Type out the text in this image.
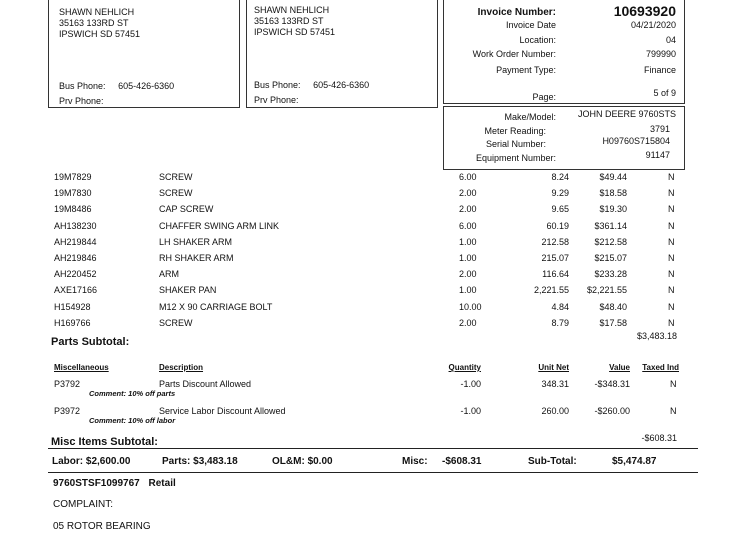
SHAWN NEHLICH
35163 133RD ST
IPSWICH SD 57451
Bus Phone: 605-426-6360
Prv Phone:
SHAWN NEHLICH
35163 133RD ST
IPSWICH SD 57451
Bus Phone: 605-426-6360
Prv Phone:
Invoice Number:	10693920
Invoice Date	04/21/2020
Location:	04
Work Order Number:	799990
Payment Type:	Finance
Page:	5 of 9
Make/Model: JOHN DEERE 9760STS
Meter Reading:	3791
Serial Number:	H09760S715804
Equipment Number:	91147
19M7829	SCREW	6.00	8.24	$49.44	N
19M7830	SCREW	2.00	9.29	$18.58	N
19M8486	CAP SCREW	2.00	9.65	$19.30	N
AH138230	CHAFFER SWING ARM LINK	6.00	60.19	$361.14	N
AH219844	LH SHAKER ARM	1.00	212.58	$212.58	N
AH219846	RH SHAKER ARM	1.00	215.07	$215.07	N
AH220452	ARM	2.00	116.64	$233.28	N
AXE17166	SHAKER PAN	1.00	2,221.55 $2,221.55	N
H154928	M12 X 90 CARRIAGE BOLT	10.00	4.84	$48.40	N
H169766	SCREW	2.00	8.79	$17.58	N
$3,483.18
Parts Subtotal:
Miscellaneous	Description	Quantity	Unit Net	Value Taxed Ind
P3792	Parts Discount Allowed	-1.00	348.31	-$348.31	N
Comment: 10% off parts
P3972	Service Labor Discount Allowed	-1.00	260.00	-$260.00	N
Comment: 10% off labor
Misc Items Subtotal:	-$608.31
Labor: $2,600.00	Parts: $3,483.18	OL&M: $0.00	Misc: -$608.31	Sub-Total:	$5,474.87
9760STSF1099767 Retail
COMPLAINT:
05 ROTOR BEARING
